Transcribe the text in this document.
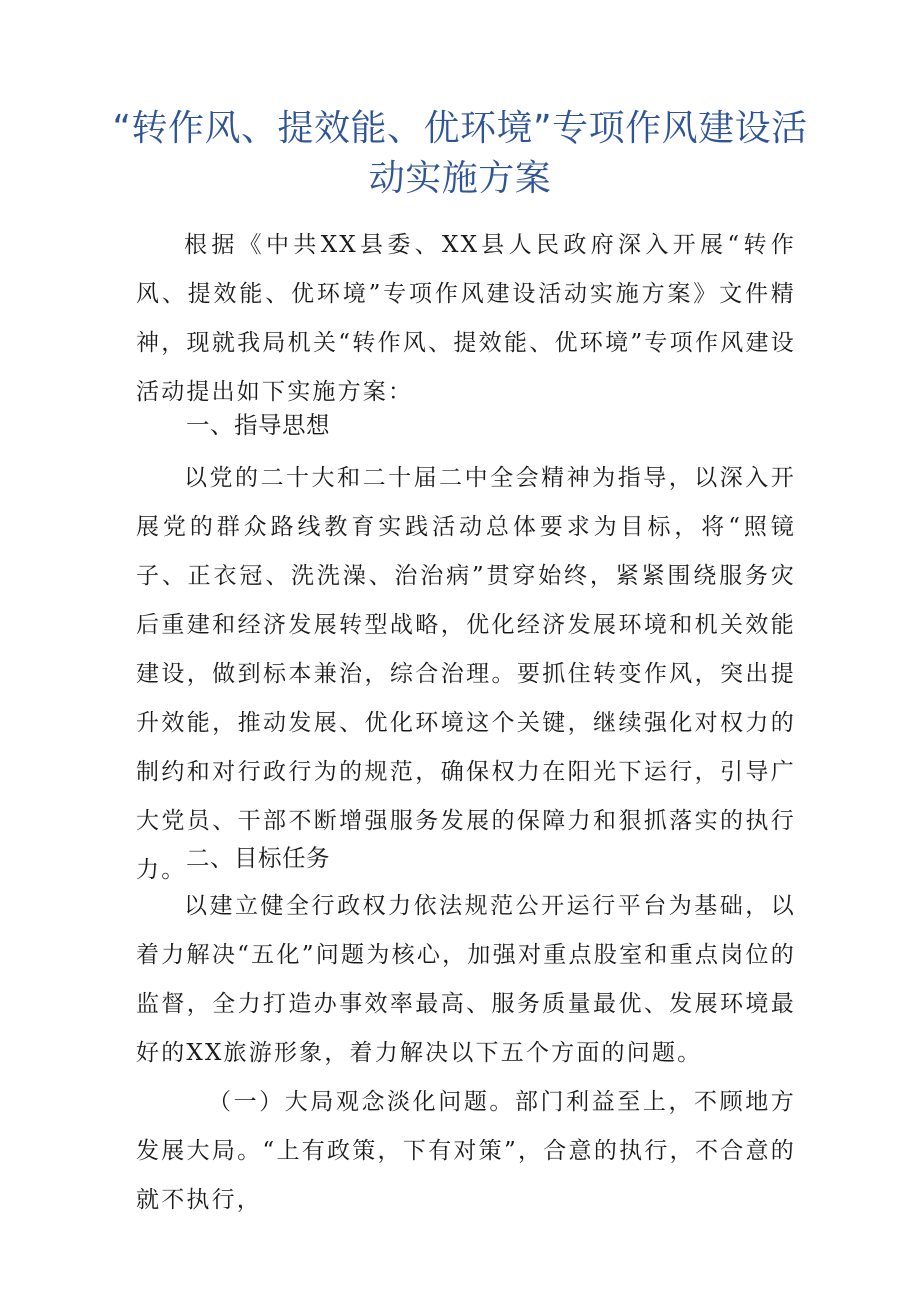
“转作风、提效能、优环境”专项作风建设活动实施方案
根据《中共XX县委、XX县人民政府深入开展“转作风、提效能、优环境”专项作风建设活动实施方案》文件精神，现就我局机关“转作风、提效能、优环境”专项作风建设活动提出如下实施方案：
一、指导思想
以党的二十大和二十届二中全会精神为指导，以深入开展党的群众路线教育实践活动总体要求为目标，将“照镜子、正衣冠、洗洗澡、治治病”贯穿始终，紧紧围绕服务灾后重建和经济发展转型战略，优化经济发展环境和机关效能建设，做到标本兼治，综合治理。要抓住转变作风，突出提升效能，推动发展、优化环境这个关键，继续强化对权力的制约和对行政行为的规范，确保权力在阳光下运行，引导广大党员、干部不断增强服务发展的保障力和狠抓落实的执行力。 二、目标任务
以建立健全行政权力依法规范公开运行平台为基础，以着力解决“五化”问题为核心，加强对重点股室和重点岗位的监督，全力打造办事效率最高、服务质量最优、发展环境最好的XX旅游形象，着力解决以下五个方面的问题。
（一）大局观念淡化问题。部门利益至上，不顾地方发展大局。“上有政策，下有对策”，合意的执行，不合意的就不执行，
